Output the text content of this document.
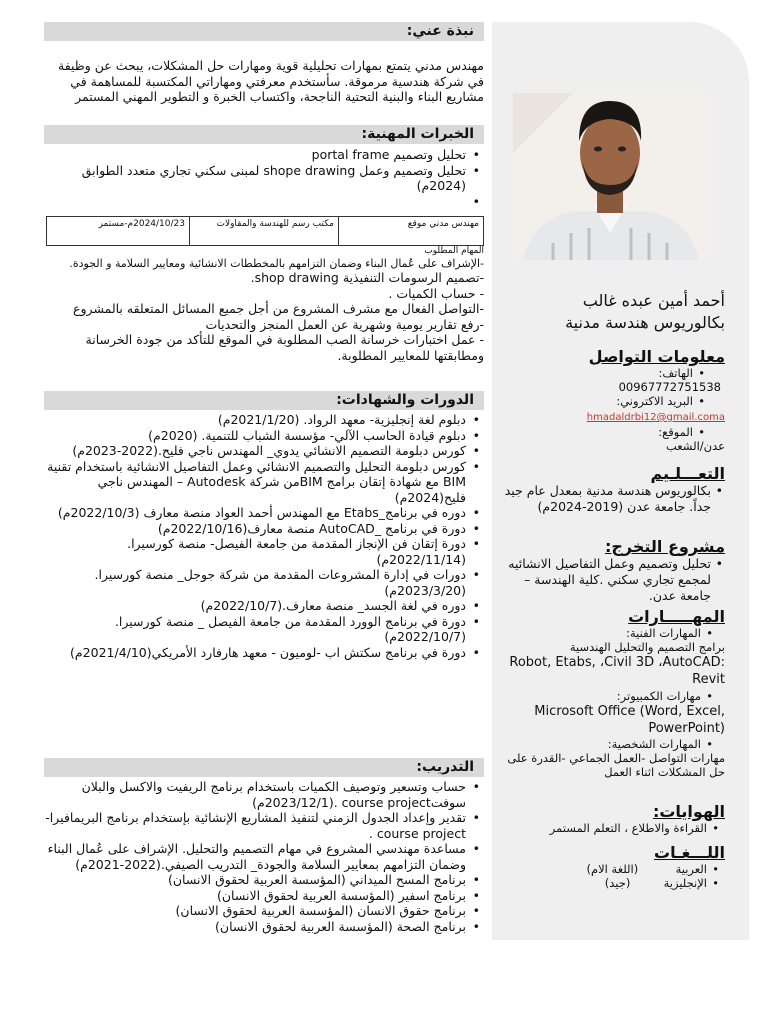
أحمد أمين عبده غالب
بكالوريوس هندسة مدنية
معلومات التواصل
• الهاتف:
00967772751538
• البريد الاكتروني:
hmadaldrbi12@gmail.coma
• الموقع:
عدن/الشعب
التعـــلـيم
• بكالوريوس هندسة مدنية بمعدل عام جيد جداً. جامعة عدن (2019-2024م)
مشروع التخرج:
• تحليل وتصميم وعمل التفاصيل الانشائيه لمجمع تجاري سكني .كلية الهندسة – جامعة عدن.
المهـــــارات
• المهارات الفنية:
برامج التصميم والتحليل الهندسية
Robot, Etabs, ،Civil 3D ،AutoCAD: Revit
• مهارات الكمبيوتر:
Microsoft Office (Word, Excel, PowerPoint)
• المهارات الشخصية:
مهارات التواصل -العمل الجماعي -القدرة على حل المشكلات اثناء العمل
الهوايات:
• القراءة والاطلاع ، التعلم المستمر
اللـــغـات
• العربية  (اللغة الام)
• الإنجليزية  (جيد)
نبذة عني:
مهندس مدني يتمتع بمهارات تحليلية قوية ومهارات حل المشكلات، يبحث عن وظيفة في شركة هندسية مرموقة. سأستخدم معرفتي ومهاراتي المكتسبة للمساهمة في مشاريع البناء والبنية التحتية الناجحة، واكتساب الخبرة و التطوير المهني المستمر
الخبرات المهنية:
• تحليل وتصميم portal frame
• تحليل وتصميم وعمل shope drawing لمبنى سكني تجاري متعدد الطوابق (2024م)
•
مهندس مدني موقع	مكتب رسم للهندسة والمقاولات	2024/10/23م-مستمر
المهام المطلوب
-الإشراف على عُمال البناء وضمان التزامهم بالمخططات الانشائية ومعايير السلامة و الجودة.
-تصميم الرسومات التنفيذية shop drawing.
- حساب الكميات .
-التواصل الفعال مع مشرف المشروع من أجل جميع المسائل المتعلقه بالمشروع
-رفع تقارير يومية وشهرية عن العمل المنجز والتحديات
- عمل اختبارات خرسانة الصب المطلوبة في الموقع للتأكد من جودة الخرسانة ومطابقتها للمعايير المطلوبة.
الدورات والشهادات:
• دبلوم لغة إنجليزية- معهد الرواد. (2021/1/20م)
• دبلوم قيادة الحاسب الآلي- مؤسسة الشباب للتنمية. (2020م)
• كورس دبلومة التصميم الانشائي يدوي_ المهندس ناجي فليح.(2022-2023م)
• كورس دبلومة التحليل والتصميم الانشائي وعمل التفاصيل الانشائية باستخدام تقنية BIM مع شهادة إتقان برامج BIMمن شركة Autodesk – المهندس ناجي فليح(2024م)
• دوره في برنامج_Etabs مع المهندس أحمد العواد منصة معارف (2022/10/3م)
• دورة في برنامج _AutoCAD منصة معارف(2022/10/16م)
• دورة إتقان فن الإنجاز المقدمة من جامعة الفيصل- منصة كورسيرا.(2022/11/14م)
• دورات في إدارة المشروعات المقدمة من شركة جوجل_ منصة كورسيرا. (2023/3/20م)
• دوره في لغة الجسد_ منصة معارف.(2022/10/7م)
• دورة في برنامج الوورد المقدمة من جامعة الفيصل _ منصة كورسيرا.(2022/10/7م)
• دورة في برنامج سكتش اب -لوميون - معهد هارفارد الأمريكي(2021/4/10م)
التدريب:
• حساب وتسعير وتوصيف الكميات باستخدام برنامج الريفيت والاكسل والبلان سوفتcourse project .(2023/12/1م)
• تقدير وإعداد الجدول الزمني لتنفيذ المشاريع الإنشائية بإستخدام برنامج البريمافيرا-course project .
• مساعدة مهندسي المشروع في مهام التصميم والتحليل. الإشراف على عُمال البناء وضمان التزامهم بمعايير السلامة والجودة_ التدريب الصيفي.(2022-2021م)
• برنامج المسح الميداني (المؤسسة العربية لحقوق الانسان)
• برنامج اسفير (المؤسسة العربية لحقوق الانسان)
• برنامج حقوق الانسان (المؤسسة العربية لحقوق الانسان)
• برنامج الصحة (المؤسسة العربية لحقوق الانسان)
